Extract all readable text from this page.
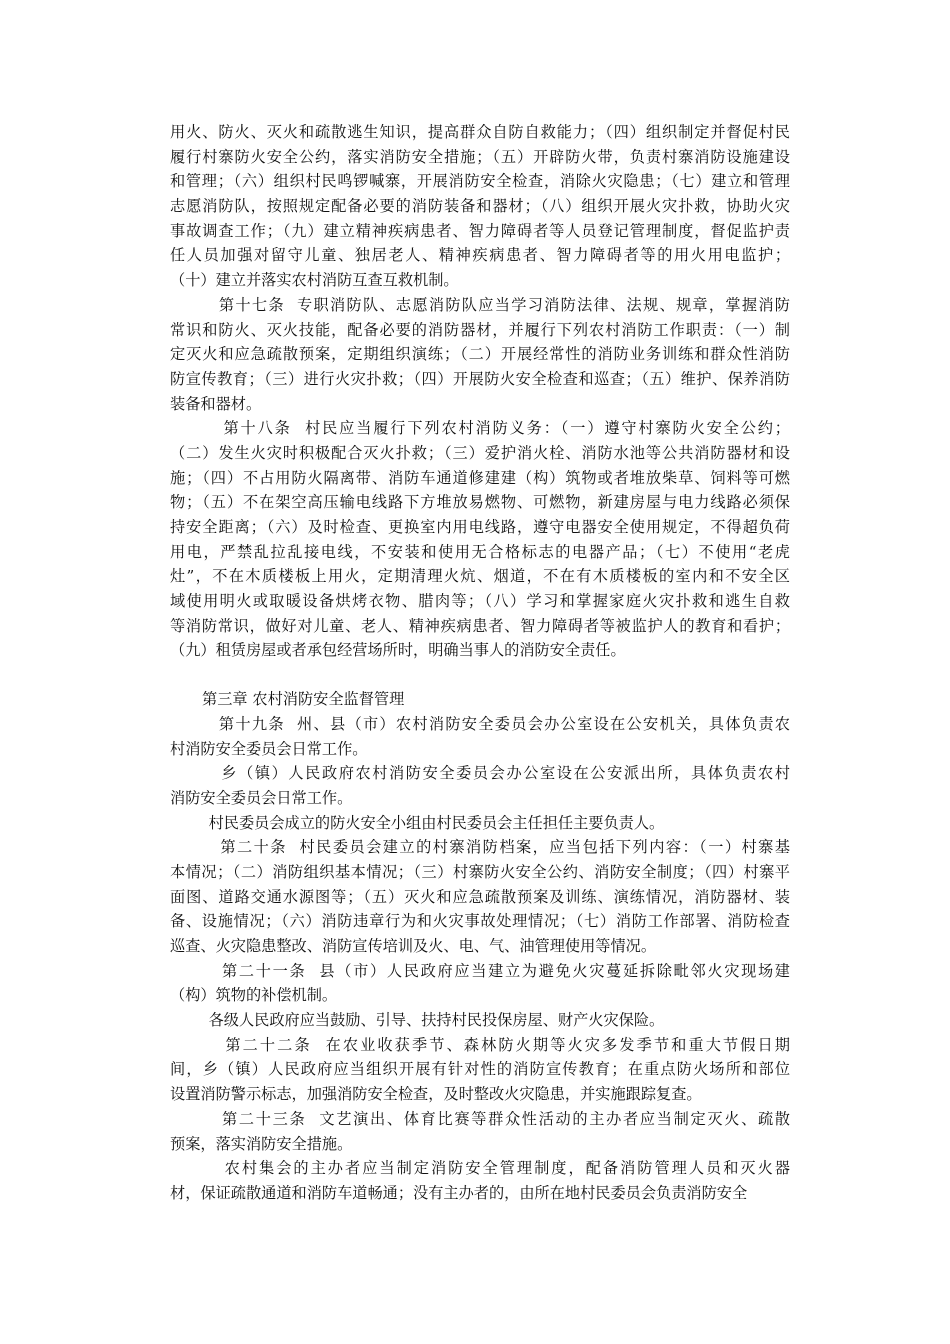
用火、防火、灭火和疏散逃生知识，提高群众自防自救能力；（四）组织制定并督促村民
履行村寨防火安全公约，落实消防安全措施；（五）开辟防火带，负责村寨消防设施建设
和管理；（六）组织村民鸣锣喊寨，开展消防安全检查，消除火灾隐患；（七）建立和管理
志愿消防队，按照规定配备必要的消防装备和器材；（八）组织开展火灾扑救，协助火灾
事故调查工作；（九）建立精神疾病患者、智力障碍者等人员登记管理制度，督促监护责
任人员加强对留守儿童、独居老人、精神疾病患者、智力障碍者等的用火用电监护；
（十）建立并落实农村消防互查互救机制。
第十七条  专职消防队、志愿消防队应当学习消防法律、法规、规章，掌握消防
常识和防火、灭火技能，配备必要的消防器材，并履行下列农村消防工作职责：（一）制
定灭火和应急疏散预案，定期组织演练；（二）开展经常性的消防业务训练和群众性消防
防宣传教育；（三）进行火灾扑救；（四）开展防火安全检查和巡查；（五）维护、保养消防
装备和器材。
第十八条  村民应当履行下列农村消防义务：（一）遵守村寨防火安全公约；
（二）发生火灾时积极配合灭火扑救；（三）爱护消火栓、消防水池等公共消防器材和设
施；（四）不占用防火隔离带、消防车通道修建建（构）筑物或者堆放柴草、饲料等可燃
物；（五）不在架空高压输电线路下方堆放易燃物、可燃物，新建房屋与电力线路必须保
持安全距离；（六）及时检查、更换室内用电线路，遵守电器安全使用规定，不得超负荷
用电，严禁乱拉乱接电线，不安装和使用无合格标志的电器产品；（七）不使用“老虎
灶”，不在木质楼板上用火，定期清理火炕、烟道，不在有木质楼板的室内和不安全区
域使用明火或取暖设备烘烤衣物、腊肉等；（八）学习和掌握家庭火灾扑救和逃生自救
等消防常识，做好对儿童、老人、精神疾病患者、智力障碍者等被监护人的教育和看护；
（九）租赁房屋或者承包经营场所时，明确当事人的消防安全责任。
第三章 农村消防安全监督管理
第十九条  州、县（市）农村消防安全委员会办公室设在公安机关，具体负责农
村消防安全委员会日常工作。
乡（镇）人民政府农村消防安全委员会办公室设在公安派出所，具体负责农村
消防安全委员会日常工作。
村民委员会成立的防火安全小组由村民委员会主任担任主要负责人。
第二十条  村民委员会建立的村寨消防档案，应当包括下列内容：（一）村寨基
本情况；（二）消防组织基本情况；（三）村寨防火安全公约、消防安全制度；（四）村寨平
面图、道路交通水源图等；（五）灭火和应急疏散预案及训练、演练情况，消防器材、装
备、设施情况；（六）消防违章行为和火灾事故处理情况；（七）消防工作部署、消防检查
巡查、火灾隐患整改、消防宣传培训及火、电、气、油管理使用等情况。
第二十一条  县（市）人民政府应当建立为避免火灾蔓延拆除毗邻火灾现场建
（构）筑物的补偿机制。
各级人民政府应当鼓励、引导、扶持村民投保房屋、财产火灾保险。
第二十二条  在农业收获季节、森林防火期等火灾多发季节和重大节假日期
间，乡（镇）人民政府应当组织开展有针对性的消防宣传教育；在重点防火场所和部位
设置消防警示标志，加强消防安全检查，及时整改火灾隐患，并实施跟踪复查。
第二十三条  文艺演出、体育比赛等群众性活动的主办者应当制定灭火、疏散
预案，落实消防安全措施。
农村集会的主办者应当制定消防安全管理制度，配备消防管理人员和灭火器
材，保证疏散通道和消防车道畅通；没有主办者的，由所在地村民委员会负责消防安全
